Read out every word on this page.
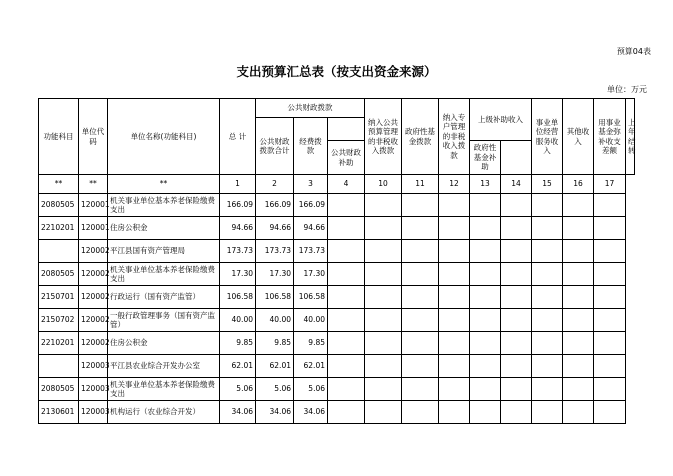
预算04表
支出预算汇总表（按支出资金来源）
单位：万元
功能科目	单位代码	单位名称(功能科目)	总 计	公共财政拨款			纳入公共预算管理的非税收入拨款	政府性基金拨款	纳入专户管理的非税收入拨款	上级补助收入		事业单位经营服务收入	其他收入	用事业基金弥补收支差额	上年结转
				公共财政拨款合计	经费拨款										
						公共财政补助				政府性基金补助					
**	**	**	1	2	3	4	10	11	12	13	14	15	16	17	
2080505	120001	机关事业单位基本养老保险缴费支出	166.09	166.09	166.09										
2210201	120001	住房公积金	94.66	94.66	94.66										
	120002	平江县国有资产管理局	173.73	173.73	173.73										
2080505	120002	机关事业单位基本养老保险缴费支出	17.30	17.30	17.30										
2150701	120002	行政运行（国有资产监管）	106.58	106.58	106.58										
2150702	120002	一般行政管理事务（国有资产监管）	40.00	40.00	40.00										
2210201	120002	住房公积金	9.85	9.85	9.85										
	120003	平江县农业综合开发办公室	62.01	62.01	62.01										
2080505	120003	机关事业单位基本养老保险缴费支出	5.06	5.06	5.06										
2130601	120003	机构运行（农业综合开发）	34.06	34.06	34.06										
